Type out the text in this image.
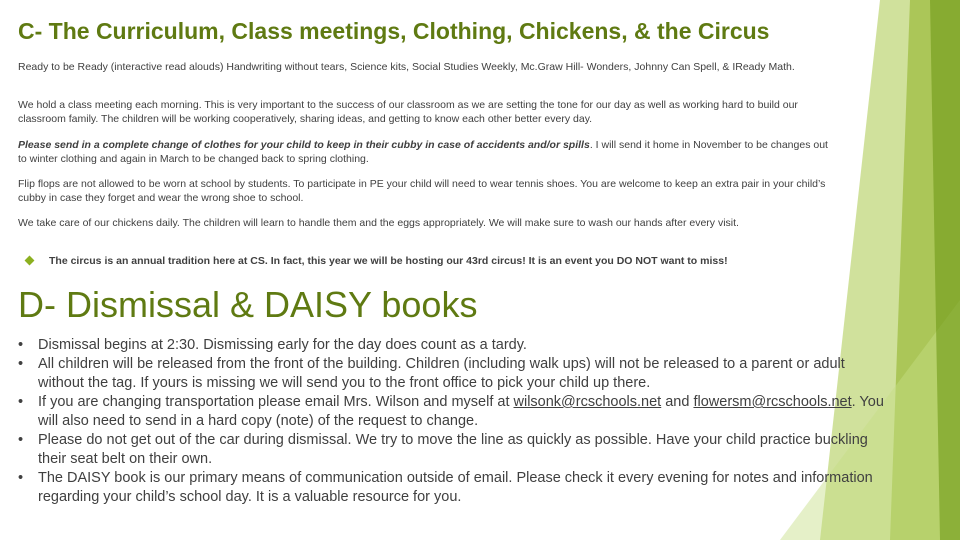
C- The Curriculum, Class meetings, Clothing, Chickens, & the Circus

Ready to be Ready (interactive read alouds) Handwriting without tears, Science kits, Social Studies Weekly, Mc.Graw Hill- Wonders, Johnny Can Spell, & IReady Math.

We hold a class meeting each morning. This is very important to the success of our classroom as we are setting the tone for our day as well as working hard to build our classroom family. The children will be working cooperatively, sharing ideas, and getting to know each other better every day.

Please send in a complete change of clothes for your child to keep in their cubby in case of accidents and/or spills. I will send it home in November to be changes out to winter clothing and again in March to be changed back to spring clothing.

Flip flops are not allowed to be worn at school by students. To participate in PE your child will need to wear tennis shoes. You are welcome to keep an extra pair in your child’s cubby in case they forget and wear the wrong shoe to school.

We take care of our chickens daily. The children will learn to handle them and the eggs appropriately. We will make sure to wash our hands after every visit.

The circus is an annual tradition here at CS. In fact, this year we will be hosting our 43rd circus! It is an event you DO NOT want to miss!

D- Dismissal & DAISY books
• Dismissal begins at 2:30. Dismissing early for the day does count as a tardy.
• All children will be released from the front of the building. Children (including walk ups) will not be released to a parent or adult without the tag. If yours is missing we will send you to the front office to pick your child up there.
• If you are changing transportation please email Mrs. Wilson and myself at wilsonk@rcschools.net and flowersm@rcschools.net. You will also need to send in a hard copy (note) of the request to change.
• Please do not get out of the car during dismissal. We try to move the line as quickly as possible. Have your child practice buckling their seat belt on their own.
• The DAISY book is our primary means of communication outside of email. Please check it every evening for notes and information regarding your child’s school day. It is a valuable resource for you.
